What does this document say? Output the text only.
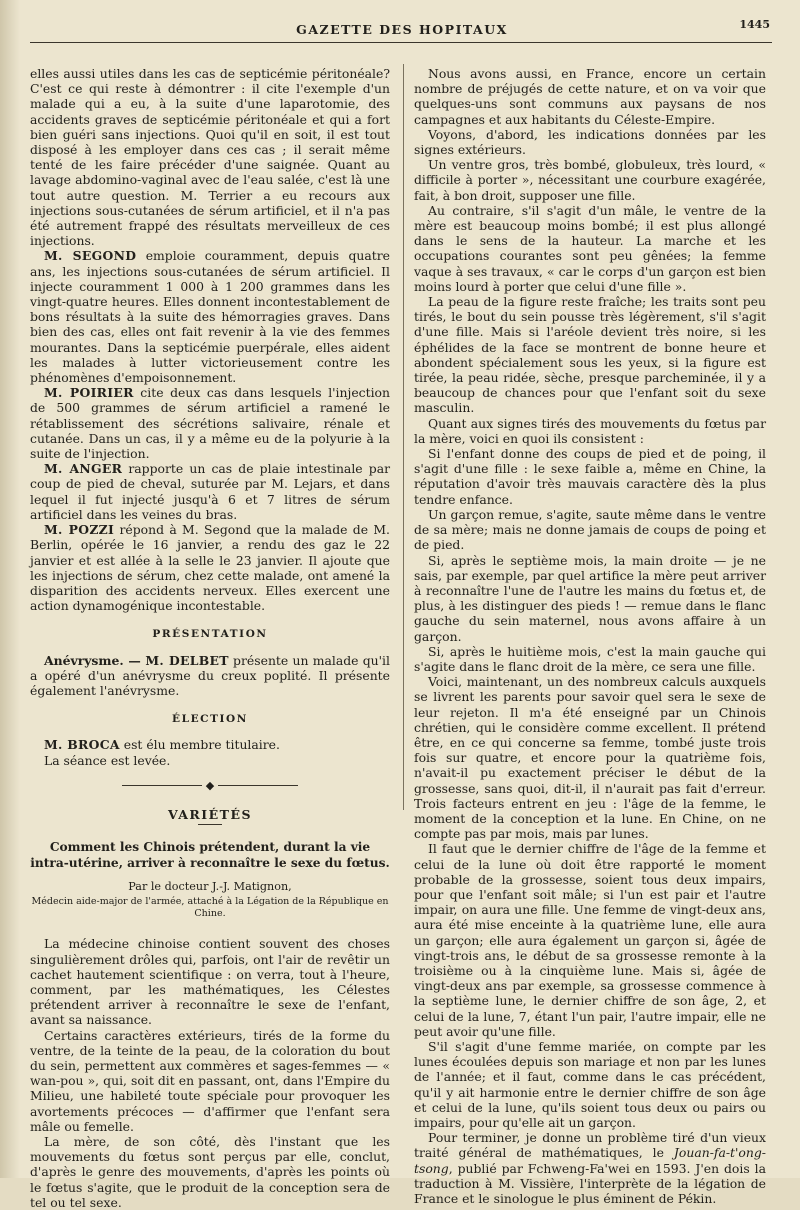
GAZETTE DES HOPITAUX	1445

elles aussi utiles dans les cas de septicémie péritonéale? C'est ce qui reste à démontrer : il cite l'exemple d'un malade qui a eu, à la suite d'une laparotomie, des accidents graves de septicémie péritonéale et qui a fort bien guéri sans injections. Quoi qu'il en soit, il est tout disposé à les employer dans ces cas ; il serait même tenté de les faire précéder d'une saignée. Quant au lavage abdomino-vaginal avec de l'eau salée, c'est là une tout autre question. M. Terrier a eu recours aux injections sous-cutanées de sérum artificiel, et il n'a pas été autrement frappé des résultats merveilleux de ces injections.

M. SEGOND emploie couramment, depuis quatre ans, les injections sous-cutanées de sérum artificiel. Il injecte couramment 1 000 à 1 200 grammes dans les vingt-quatre heures. Elles donnent incontestablement de bons résultats à la suite des hémorragies graves. Dans bien des cas, elles ont fait revenir à la vie des femmes mourantes. Dans la septicémie puerpérale, elles aident les malades à lutter victorieusement contre les phénomènes d'empoisonnement.

M. POIRIER cite deux cas dans lesquels l'injection de 500 grammes de sérum artificiel a ramené le rétablissement des sécrétions salivaire, rénale et cutanée. Dans un cas, il y a même eu de la polyurie à la suite de l'injection.

M. ANGER rapporte un cas de plaie intestinale par coup de pied de cheval, suturée par M. Lejars, et dans lequel il fut injecté jusqu'à 6 et 7 litres de sérum artificiel dans les veines du bras.

M. POZZI répond à M. Segond que la malade de M. Berlin, opérée le 16 janvier, a rendu des gaz le 22 janvier et est allée à la selle le 23 janvier. Il ajoute que les injections de sérum, chez cette malade, ont amené la disparition des accidents nerveux. Elles exercent une action dynamogénique incontestable.

PRÉSENTATION

Anévrysme. — M. DELBET présente un malade qu'il a opéré d'un anévrysme du creux poplité. Il présente également l'anévrysme.

ÉLECTION

M. BROCA est élu membre titulaire.

La séance est levée.

◆
VARIÉTÉS
Comment les Chinois prétendent, durant la vie intra-utérine, arriver à reconnaître le sexe du fœtus.
Par le docteur J.-J. Matignon,
Médecin aide-major de l'armée, attaché à la Légation de la République en Chine.

La médecine chinoise contient souvent des choses singulièrement drôles qui, parfois, ont l'air de revêtir un cachet hautement scientifique : on verra, tout à l'heure, comment, par les mathématiques, les Célestes prétendent arriver à reconnaître le sexe de l'enfant, avant sa naissance.

Certains caractères extérieurs, tirés de la forme du ventre, de la teinte de la peau, de la coloration du bout du sein, permettent aux commères et sages-femmes — « wan-pou », qui, soit dit en passant, ont, dans l'Empire du Milieu, une habileté toute spéciale pour provoquer les avortements précoces — d'affirmer que l'enfant sera mâle ou femelle.

La mère, de son côté, dès l'instant que les mouvements du fœtus sont perçus par elle, conclut, d'après le genre des mouvements, d'après les points où le fœtus s'agite, que le produit de la conception sera de tel ou tel sexe.

Nous avons aussi, en France, encore un certain nombre de préjugés de cette nature, et on va voir que quelques-uns sont communs aux paysans de nos campagnes et aux habitants du Céleste-Empire.

Voyons, d'abord, les indications données par les signes extérieurs.

Un ventre gros, très bombé, globuleux, très lourd, « difficile à porter », nécessitant une courbure exagérée, fait, à bon droit, supposer une fille.

Au contraire, s'il s'agit d'un mâle, le ventre de la mère est beaucoup moins bombé; il est plus allongé dans le sens de la hauteur. La marche et les occupations courantes sont peu gênées; la femme vaque à ses travaux, « car le corps d'un garçon est bien moins lourd à porter que celui d'une fille ».

La peau de la figure reste fraîche; les traits sont peu tirés, le bout du sein pousse très légèrement, s'il s'agit d'une fille. Mais si l'aréole devient très noire, si les éphélides de la face se montrent de bonne heure et abondent spécialement sous les yeux, si la figure est tirée, la peau ridée, sèche, presque parcheminée, il y a beaucoup de chances pour que l'enfant soit du sexe masculin.

Quant aux signes tirés des mouvements du fœtus par la mère, voici en quoi ils consistent :

Si l'enfant donne des coups de pied et de poing, il s'agit d'une fille : le sexe faible a, même en Chine, la réputation d'avoir très mauvais caractère dès la plus tendre enfance.

Un garçon remue, s'agite, saute même dans le ventre de sa mère; mais ne donne jamais de coups de poing et de pied.

Si, après le septième mois, la main droite — je ne sais, par exemple, par quel artifice la mère peut arriver à reconnaître l'une de l'autre les mains du fœtus et, de plus, à les distinguer des pieds ! — remue dans le flanc gauche du sein maternel, nous avons affaire à un garçon.

Si, après le huitième mois, c'est la main gauche qui s'agite dans le flanc droit de la mère, ce sera une fille.

Voici, maintenant, un des nombreux calculs auxquels se livrent les parents pour savoir quel sera le sexe de leur rejeton. Il m'a été enseigné par un Chinois chrétien, qui le considère comme excellent. Il prétend être, en ce qui concerne sa femme, tombé juste trois fois sur quatre, et encore pour la quatrième fois, n'avait-il pu exactement préciser le début de la grossesse, sans quoi, dit-il, il n'aurait pas fait d'erreur. Trois facteurs entrent en jeu : l'âge de la femme, le moment de la conception et la lune. En Chine, on ne compte pas par mois, mais par lunes.

Il faut que le dernier chiffre de l'âge de la femme et celui de la lune où doit être rapporté le moment probable de la grossesse, soient tous deux impairs, pour que l'enfant soit mâle; si l'un est pair et l'autre impair, on aura une fille. Une femme de vingt-deux ans, aura été mise enceinte à la quatrième lune, elle aura un garçon; elle aura également un garçon si, âgée de vingt-trois ans, le début de sa grossesse remonte à la troisième ou à la cinquième lune. Mais si, âgée de vingt-deux ans par exemple, sa grossesse commence à la septième lune, le dernier chiffre de son âge, 2, et celui de la lune, 7, étant l'un pair, l'autre impair, elle ne peut avoir qu'une fille.

S'il s'agit d'une femme mariée, on compte par les lunes écoulées depuis son mariage et non par les lunes de l'année; et il faut, comme dans le cas précédent, qu'il y ait harmonie entre le dernier chiffre de son âge et celui de la lune, qu'ils soient tous deux ou pairs ou impairs, pour qu'elle ait un garçon.

Pour terminer, je donne un problème tiré d'un vieux traité général de mathématiques, le Jouan-fa-t'ong-tsong, publié par Fchweng-Fa'wei en 1593. J'en dois la traduction à M. Vissière, l'interprète de la légation de France et le sinologue le plus éminent de Pékin.
